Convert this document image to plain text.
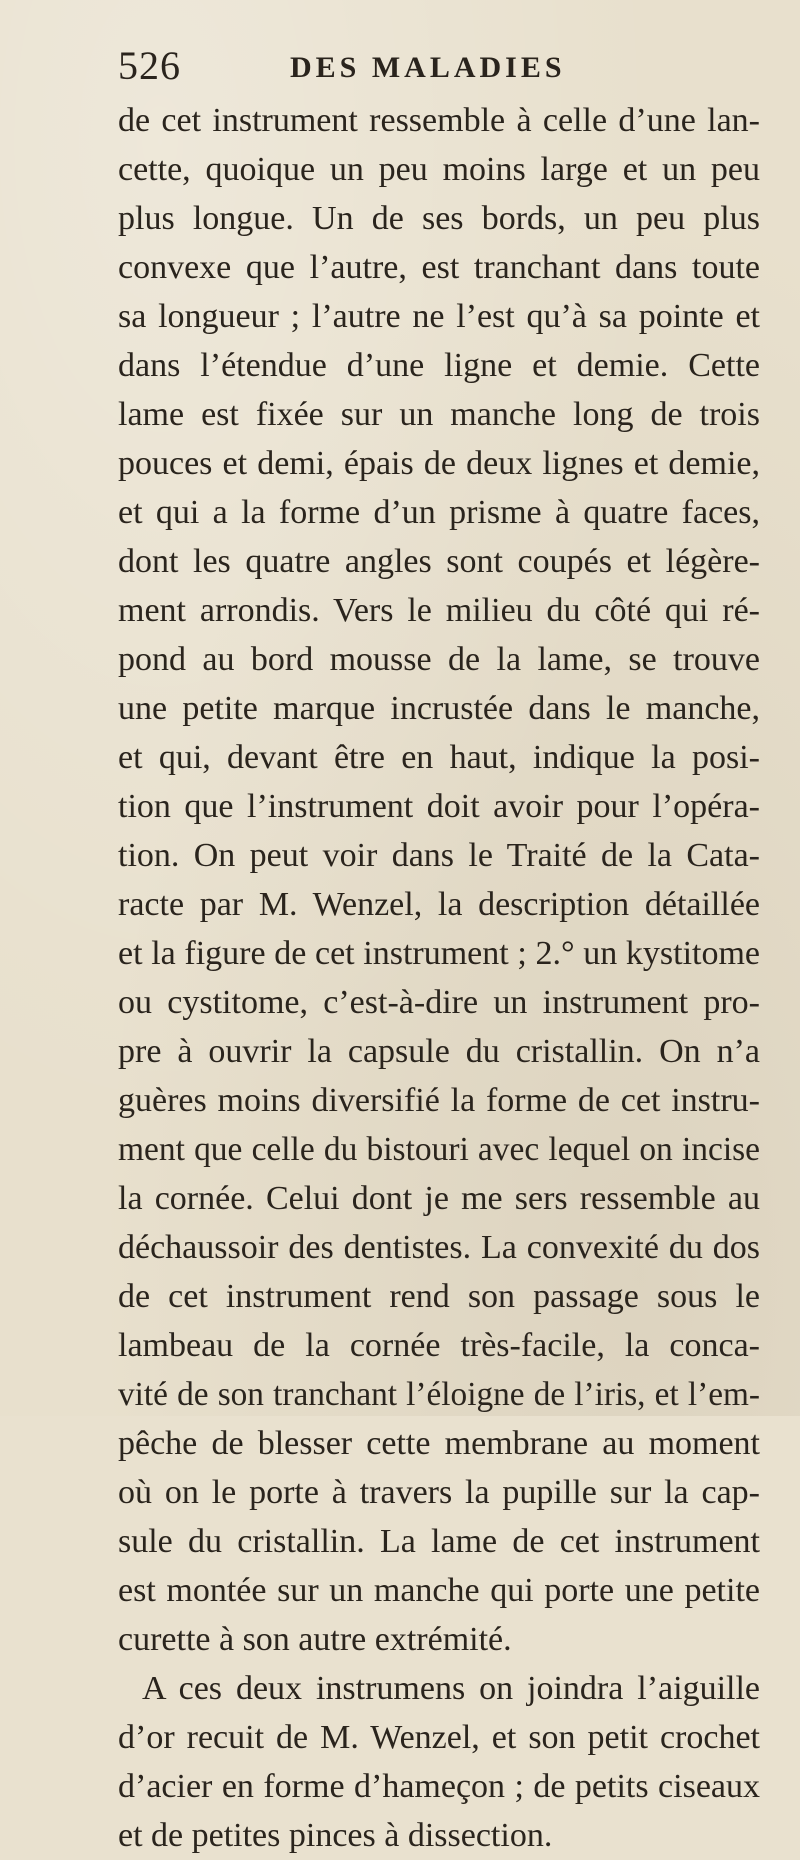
526	DES MALADIES
de cet instrument ressemble à celle d’une lan-
cette, quoique un peu moins large et un peu
plus longue. Un de ses bords, un peu plus
convexe que l’autre, est tranchant dans toute
sa longueur ; l’autre ne l’est qu’à sa pointe et
dans l’étendue d’une ligne et demie. Cette
lame est fixée sur un manche long de trois
pouces et demi, épais de deux lignes et demie,
et qui a la forme d’un prisme à quatre faces,
dont les quatre angles sont coupés et légère-
ment arrondis. Vers le milieu du côté qui ré-
pond au bord mousse de la lame, se trouve
une petite marque incrustée dans le manche,
et qui, devant être en haut, indique la posi-
tion que l’instrument doit avoir pour l’opéra-
tion. On peut voir dans le Traité de la Cata-
racte par M. Wenzel, la description détaillée
et la figure de cet instrument ; 2.° un kystitome
ou cystitome, c’est-à-dire un instrument pro-
pre à ouvrir la capsule du cristallin. On n’a
guères moins diversifié la forme de cet instru-
ment que celle du bistouri avec lequel on incise
la cornée. Celui dont je me sers ressemble au
déchaussoir des dentistes. La convexité du dos
de cet instrument rend son passage sous le
lambeau de la cornée très-facile, la conca-
vité de son tranchant l’éloigne de l’iris, et l’em-
pêche de blesser cette membrane au moment
où on le porte à travers la pupille sur la cap-
sule du cristallin. La lame de cet instrument
est montée sur un manche qui porte une petite
curette à son autre extrémité.
A ces deux instrumens on joindra l’aiguille
d’or recuit de M. Wenzel, et son petit crochet
d’acier en forme d’hameçon ; de petits ciseaux
et de petites pinces à dissection.
